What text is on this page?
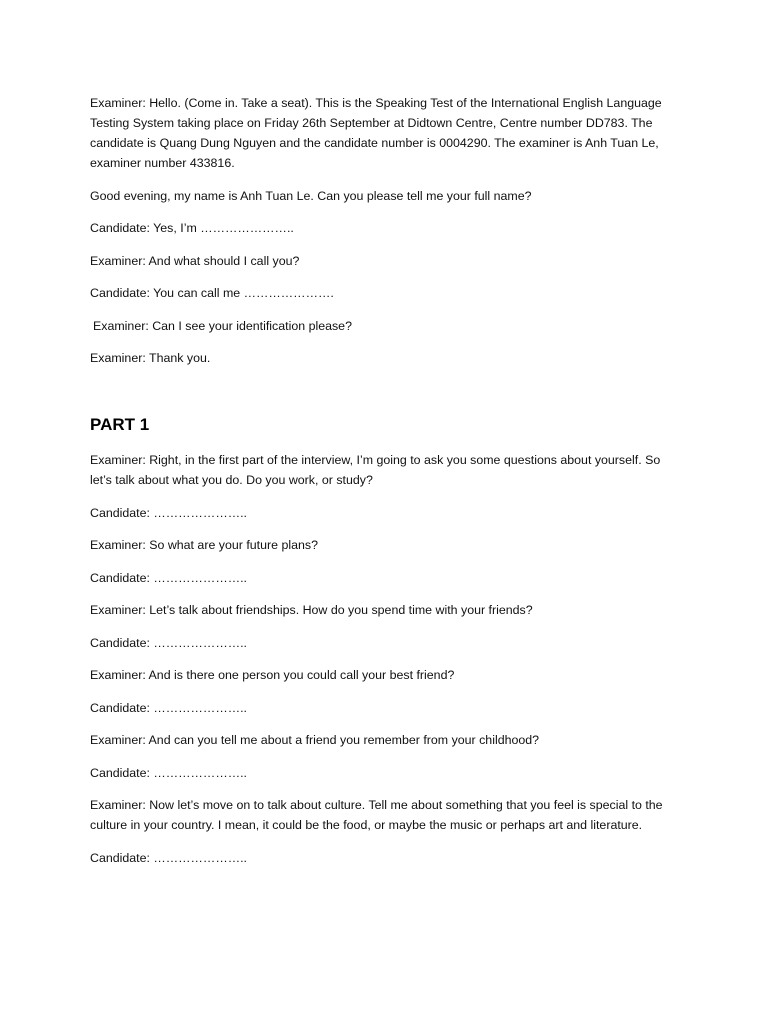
Examiner: Hello. (Come in. Take a seat). This is the Speaking Test of the International English Language Testing System taking place on Friday 26th September at Didtown Centre, Centre number DD783. The candidate is Quang Dung Nguyen and the candidate number is 0004290. The examiner is Anh Tuan Le, examiner number 433816.

Good evening, my name is Anh Tuan Le. Can you please tell me your full name?

Candidate: Yes, I’m …………………..

Examiner: And what should I call you?

Candidate: You can call me ………………….

Examiner: Can I see your identification please?

Examiner: Thank you.

PART 1

Examiner: Right, in the first part of the interview, I’m going to ask you some questions about yourself. So let’s talk about what you do. Do you work, or study?

Candidate: …………………..

Examiner: So what are your future plans?

Candidate: …………………..

Examiner: Let’s talk about friendships. How do you spend time with your friends?

Candidate: …………………..

Examiner: And is there one person you could call your best friend?

Candidate: …………………..

Examiner: And can you tell me about a friend you remember from your childhood?

Candidate: …………………..

Examiner: Now let’s move on to talk about culture. Tell me about something that you feel is special to the culture in your country. I mean, it could be the food, or maybe the music or perhaps art and literature.

Candidate: …………………..
